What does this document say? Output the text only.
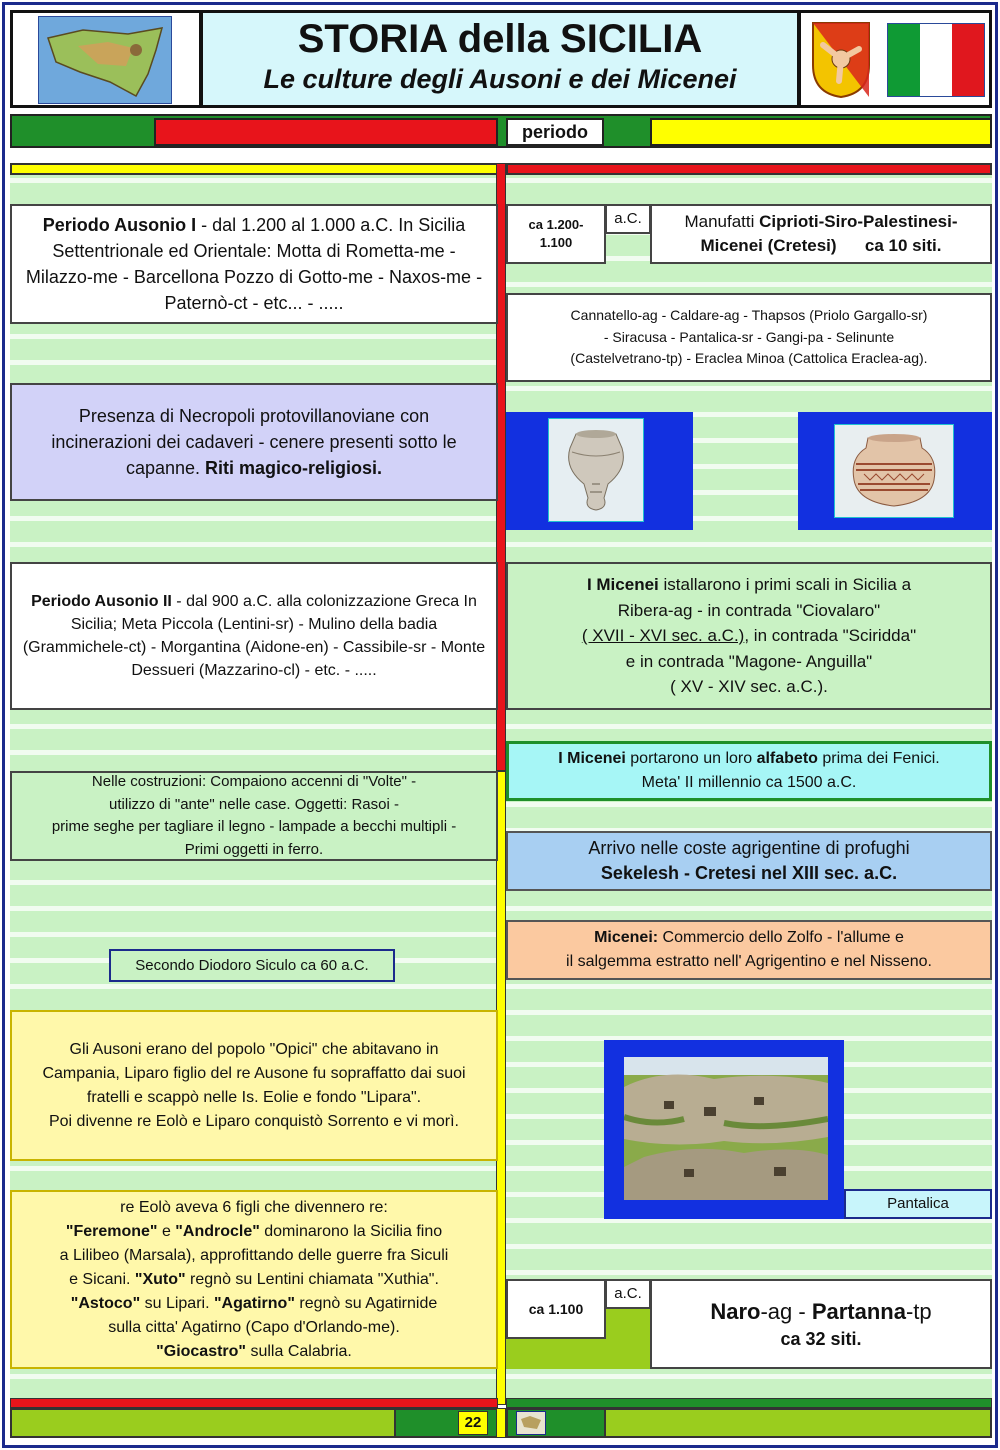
STORIA della SICILIA
Le culture degli Ausoni e dei Micenei
periodo
Periodo Ausonio I - dal 1.200 al 1.000 a.C. In Sicilia Settentrionale ed Orientale: Motta di Rometta-me - Milazzo-me - Barcellona Pozzo di Gotto-me - Naxos-me - Paternò-ct - etc... - .....
Presenza di Necropoli protovillanoviane con incinerazioni dei cadaveri - cenere presenti sotto le capanne. Riti magico-religiosi.
Periodo Ausonio II - dal 900 a.C. alla colonizzazione Greca In Sicilia; Meta Piccola (Lentini-sr) - Mulino della badia (Grammichele-ct) - Morgantina (Aidone-en) - Cassibile-sr - Monte Dessueri (Mazzarino-cl) - etc. - .....
Nelle costruzioni: Compaiono accenni di "Volte" -
utilizzo di "ante" nelle case. Oggetti: Rasoi -
prime seghe per tagliare il legno - lampade a becchi multipli -
Primi oggetti in ferro.
Secondo Diodoro Siculo ca 60 a.C.
Gli Ausoni erano del popolo "Opici" che abitavano in
Campania, Liparo figlio del re Ausone fu sopraffatto dai suoi
fratelli e scappò nelle Is. Eolie e fondo "Lipara".
Poi divenne re Eolò e Liparo conquistò Sorrento e vi morì.
re Eolò aveva 6 figli che divennero re:
"Feremone" e "Androcle" dominarono la Sicilia fino
a Lilibeo (Marsala), approfittando delle guerre fra Siculi
e Sicani. "Xuto" regnò su Lentini chiamata "Xuthia".
"Astoco" su Lipari. "Agatirno" regnò su Agatirnide
sulla citta' Agatirno (Capo d'Orlando-me).
"Giocastro" sulla Calabria.
ca 1.200-
1.100
a.C.	Manufatti Ciprioti-Siro-Palestinesi-
Micenei (Cretesi) ca 10 siti.
Cannatello-ag - Caldare-ag - Thapsos (Priolo Gargallo-sr)
- Siracusa - Pantalica-sr - Gangi-pa - Selinunte
(Castelvetrano-tp) - Eraclea Minoa (Cattolica Eraclea-ag).
I Micenei istallarono i primi scali in Sicilia a
Ribera-ag - in contrada "Ciovalaro"
( XVII - XVI sec. a.C.), in contrada "Sciridda"
e in contrada "Magone- Anguilla"
( XV - XIV sec. a.C.).
I Micenei portarono un loro alfabeto prima dei Fenici.
Meta' II millennio ca 1500 a.C.
Arrivo nelle coste agrigentine di profughi
Sekelesh - Cretesi nel XIII sec. a.C.
Micenei: Commercio dello Zolfo - l'allume e
il salgemma estratto nell' Agrigentino e nel Nisseno.
Pantalica
ca 1.100
a.C.
Naro-ag - Partanna-tp
ca 32 siti.
22
